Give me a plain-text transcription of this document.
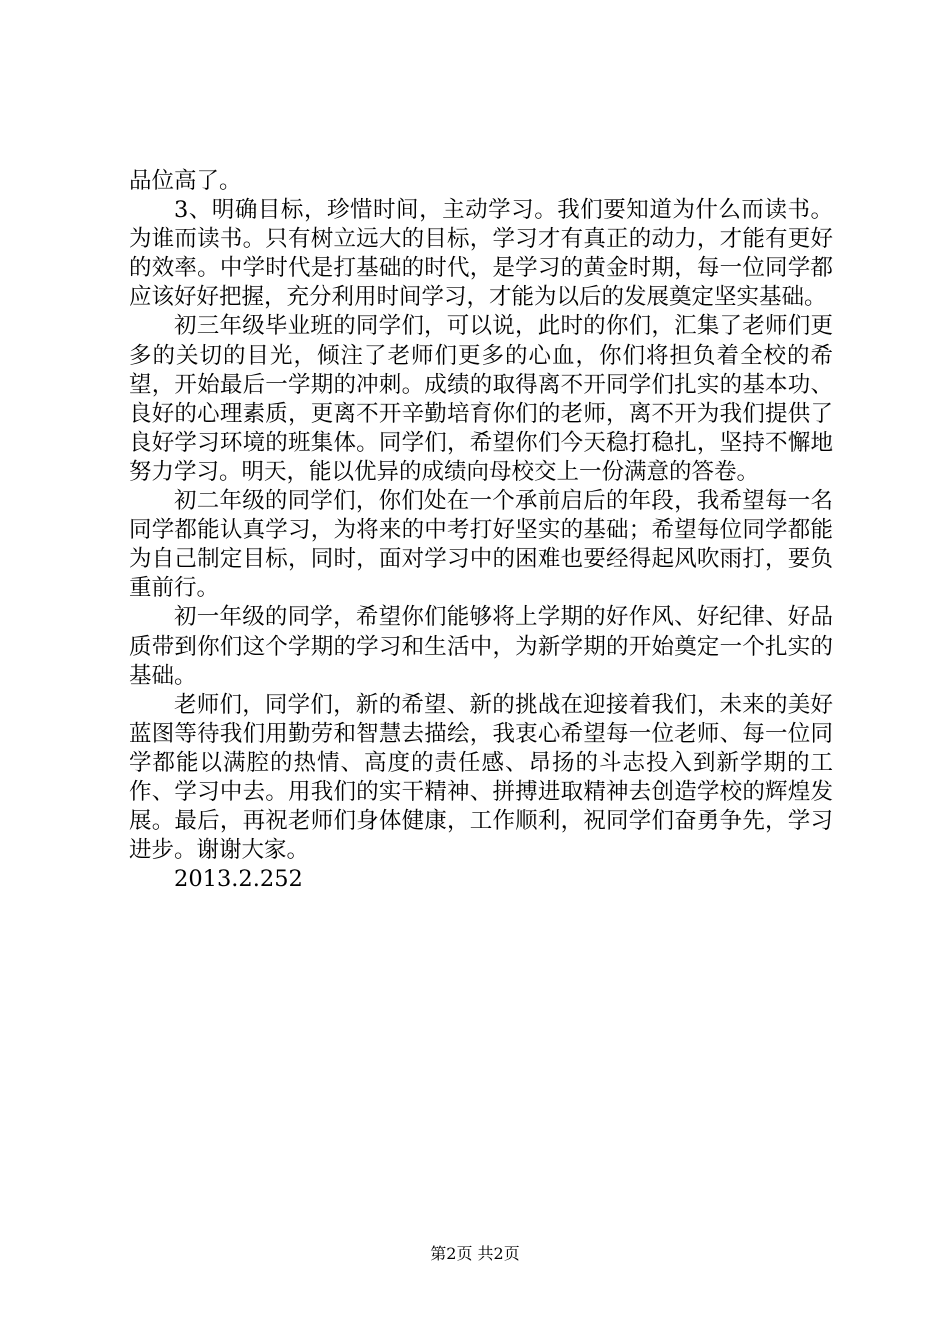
品位高了。

3、明确目标，珍惜时间，主动学习。我们要知道为什么而读书。为谁而读书。只有树立远大的目标，学习才有真正的动力，才能有更好的效率。中学时代是打基础的时代，是学习的黄金时期，每一位同学都应该好好把握，充分利用时间学习，才能为以后的发展奠定坚实基础。

初三年级毕业班的同学们，可以说，此时的你们，汇集了老师们更多的关切的目光，倾注了老师们更多的心血，你们将担负着全校的希望，开始最后一学期的冲刺。成绩的取得离不开同学们扎实的基本功、良好的心理素质，更离不开辛勤培育你们的老师，离不开为我们提供了良好学习环境的班集体。同学们，希望你们今天稳打稳扎，坚持不懈地努力学习。明天，能以优异的成绩向母校交上一份满意的答卷。

初二年级的同学们，你们处在一个承前启后的年段，我希望每一名同学都能认真学习，为将来的中考打好坚实的基础；希望每位同学都能为自己制定目标，同时，面对学习中的困难也要经得起风吹雨打，要负重前行。

初一年级的同学，希望你们能够将上学期的好作风、好纪律、好品质带到你们这个学期的学习和生活中，为新学期的开始奠定一个扎实的基础。

老师们，同学们，新的希望、新的挑战在迎接着我们，未来的美好蓝图等待我们用勤劳和智慧去描绘，我衷心希望每一位老师、每一位同学都能以满腔的热情、高度的责任感、昂扬的斗志投入到新学期的工作、学习中去。用我们的实干精神、拼搏进取精神去创造学校的辉煌发展。最后，再祝老师们身体健康，工作顺利，祝同学们奋勇争先，学习进步。谢谢大家。

2013.2.252

第2页 共2页
